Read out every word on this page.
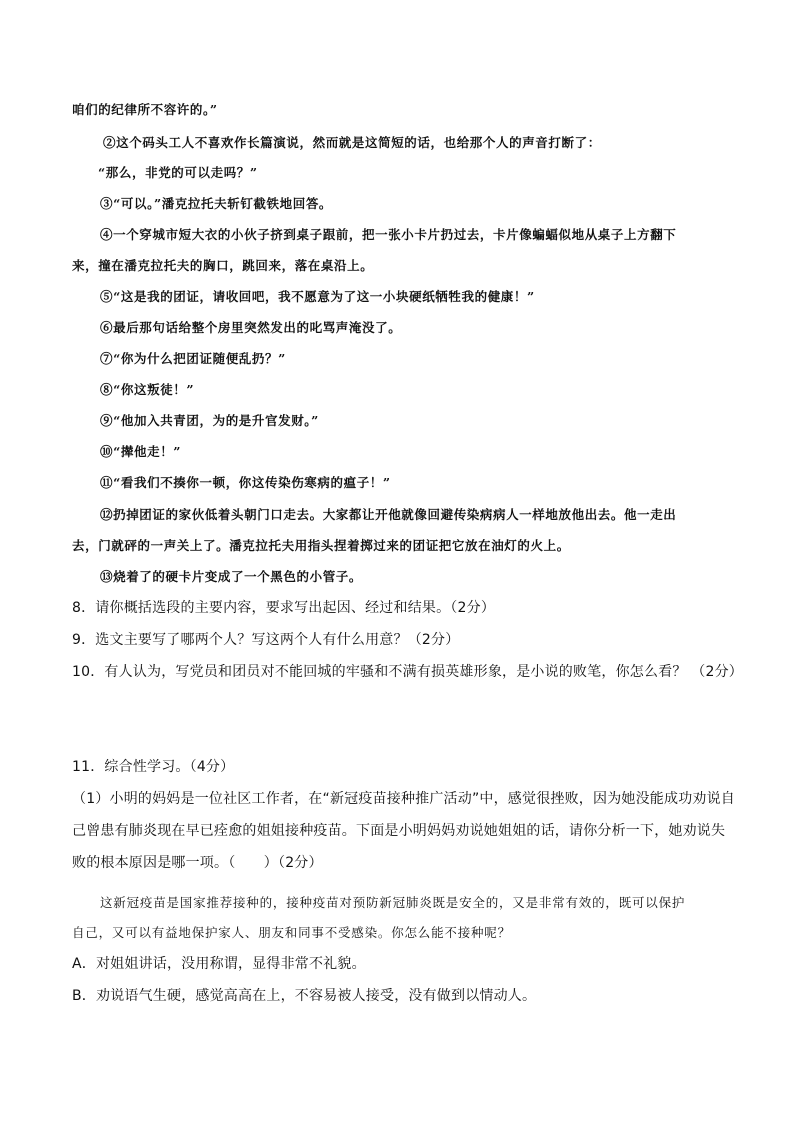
咱们的纪律所不容许的。”
②这个码头工人不喜欢作长篇演说，然而就是这简短的话，也给那个人的声音打断了：
“那么，非党的可以走吗？”
③“可以。”潘克拉托夫斩钉截铁地回答。
④一个穿城市短大衣的小伙子挤到桌子跟前，把一张小卡片扔过去，卡片像蝙蝠似地从桌子上方翻下
来，撞在潘克拉托夫的胸口，跳回来，落在桌沿上。
⑤“这是我的团证，请收回吧，我不愿意为了这一小块硬纸牺牲我的健康！”
⑥最后那句话给整个房里突然发出的叱骂声淹没了。
⑦“你为什么把团证随便乱扔？”
⑧“你这叛徒！”
⑨“他加入共青团，为的是升官发财。”
⑩“撵他走！”
⑪“看我们不揍你一顿，你这传染伤寒病的瘟子！”
⑫扔掉团证的家伙低着头朝门口走去。大家都让开他就像回避传染病病人一样地放他出去。他一走出
去，门就砰的一声关上了。潘克拉托夫用指头捏着掷过来的团证把它放在油灯的火上。
⑬烧着了的硬卡片变成了一个黑色的小管子。
8．请你概括选段的主要内容，要求写出起因、经过和结果。（2分）
9．选文主要写了哪两个人？写这两个人有什么用意？（2分）
10．有人认为，写党员和团员对不能回城的牢骚和不满有损英雄形象，是小说的败笔，你怎么看？ （2分）
11．综合性学习。（4分）
（1）小明的妈妈是一位社区工作者，在“新冠疫苗接种推广活动”中，感觉很挫败，因为她没能成功劝说自
己曾患有肺炎现在早已痊愈的姐姐接种疫苗。下面是小明妈妈劝说她姐姐的话，请你分析一下，她劝说失
败的根本原因是哪一项。（　　）（2分）
这新冠疫苗是国家推荐接种的，接种疫苗对预防新冠肺炎既是安全的，又是非常有效的，既可以保护
自己，又可以有益地保护家人、朋友和同事不受感染。你怎么能不接种呢？
A．对姐姐讲话，没用称谓，显得非常不礼貌。
B．劝说语气生硬，感觉高高在上，不容易被人接受，没有做到以情动人。
